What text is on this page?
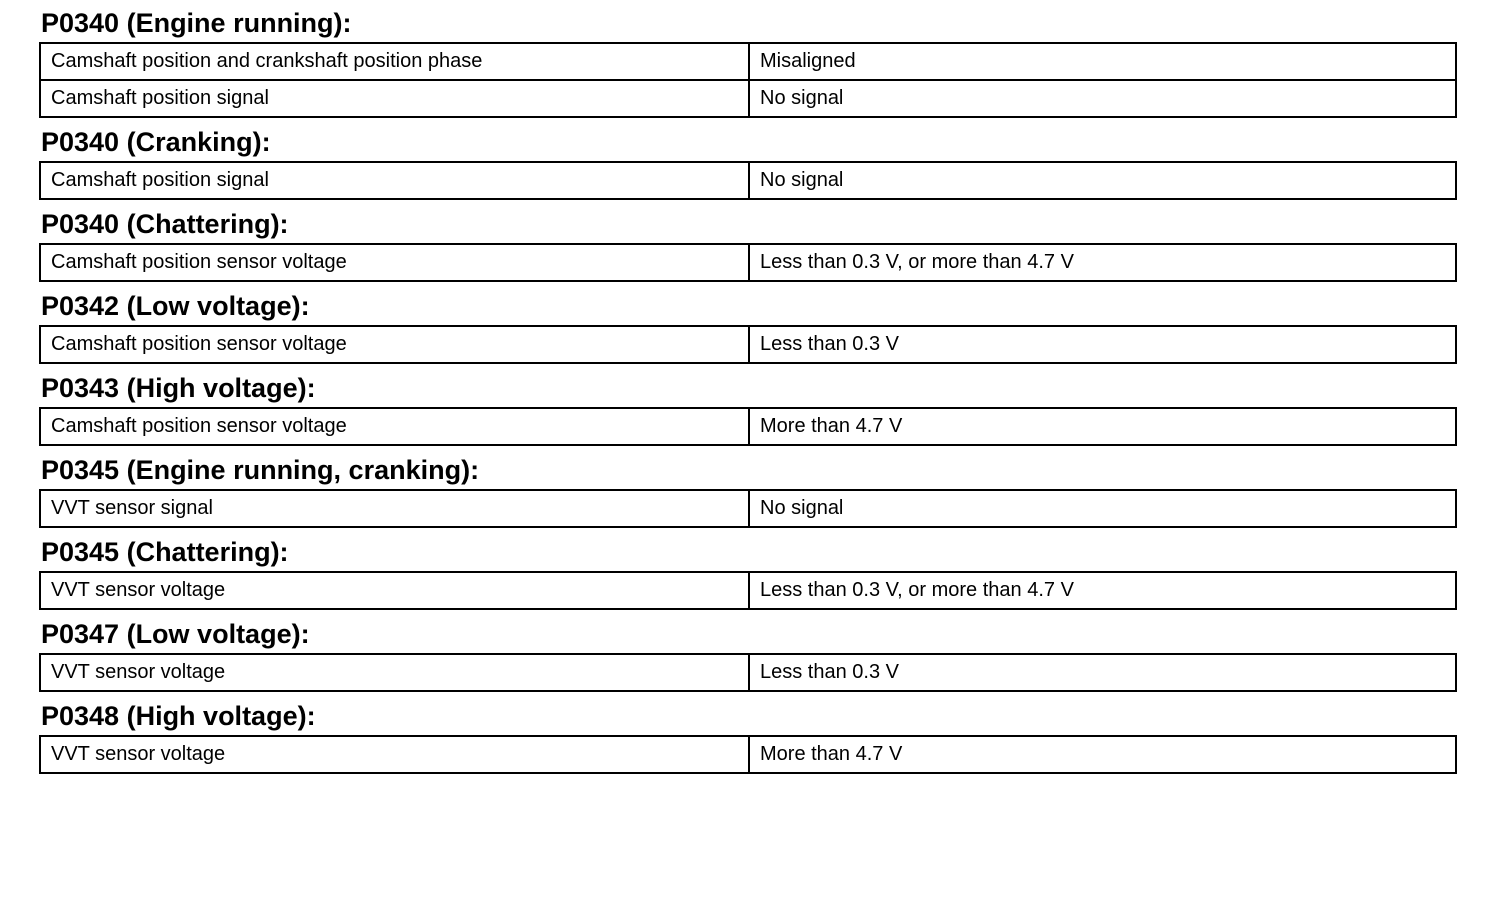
P0340 (Engine running):
Camshaft position and crankshaft position phase	Misaligned
Camshaft position signal	No signal
P0340 (Cranking):
Camshaft position signal	No signal
P0340 (Chattering):
Camshaft position sensor voltage	Less than 0.3 V, or more than 4.7 V
P0342 (Low voltage):
Camshaft position sensor voltage	Less than 0.3 V
P0343 (High voltage):
Camshaft position sensor voltage	More than 4.7 V
P0345 (Engine running, cranking):
VVT sensor signal	No signal
P0345 (Chattering):
VVT sensor voltage	Less than 0.3 V, or more than 4.7 V
P0347 (Low voltage):
VVT sensor voltage	Less than 0.3 V
P0348 (High voltage):
VVT sensor voltage	More than 4.7 V
